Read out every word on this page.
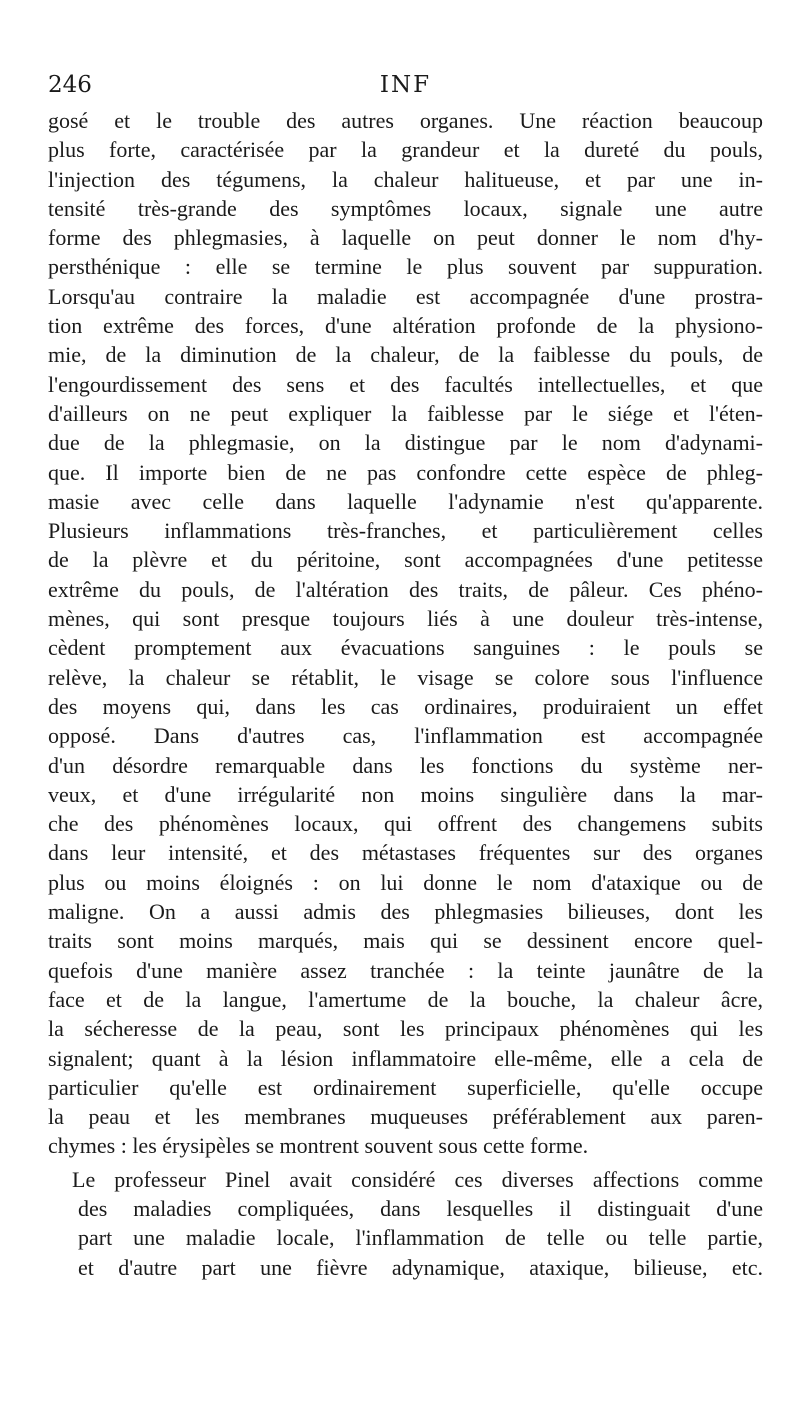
246	INF
gosé et le trouble des autres organes. Une réaction beaucoup
plus forte, caractérisée par la grandeur et la dureté du pouls,
l'injection des tégumens, la chaleur halitueuse, et par une in-
tensité très-grande des symptômes locaux, signale une autre
forme des phlegmasies, à laquelle on peut donner le nom d'hy-
persthénique : elle se termine le plus souvent par suppuration.
Lorsqu'au contraire la maladie est accompagnée d'une prostra-
tion extrême des forces, d'une altération profonde de la physiono-
mie, de la diminution de la chaleur, de la faiblesse du pouls, de
l'engourdissement des sens et des facultés intellectuelles, et que
d'ailleurs on ne peut expliquer la faiblesse par le siége et l'éten-
due de la phlegmasie, on la distingue par le nom d'adynami-
que. Il importe bien de ne pas confondre cette espèce de phleg-
masie avec celle dans laquelle l'adynamie n'est qu'apparente.
Plusieurs inflammations très-franches, et particulièrement celles
de la plèvre et du péritoine, sont accompagnées d'une petitesse
extrême du pouls, de l'altération des traits, de pâleur. Ces phéno-
mènes, qui sont presque toujours liés à une douleur très-intense,
cèdent promptement aux évacuations sanguines : le pouls se
relève, la chaleur se rétablit, le visage se colore sous l'influence
des moyens qui, dans les cas ordinaires, produiraient un effet
opposé. Dans d'autres cas, l'inflammation est accompagnée
d'un désordre remarquable dans les fonctions du système ner-
veux, et d'une irrégularité non moins singulière dans la mar-
che des phénomènes locaux, qui offrent des changemens subits
dans leur intensité, et des métastases fréquentes sur des organes
plus ou moins éloignés : on lui donne le nom d'ataxique ou de
maligne. On a aussi admis des phlegmasies bilieuses, dont les
traits sont moins marqués, mais qui se dessinent encore quel-
quefois d'une manière assez tranchée : la teinte jaunâtre de la
face et de la langue, l'amertume de la bouche, la chaleur âcre,
la sécheresse de la peau, sont les principaux phénomènes qui les
signalent; quant à la lésion inflammatoire elle-même, elle a cela de
particulier qu'elle est ordinairement superficielle, qu'elle occupe
la peau et les membranes muqueuses préférablement aux paren-
chymes : les érysipèles se montrent souvent sous cette forme.
Le professeur Pinel avait considéré ces diverses affections comme
des maladies compliquées, dans lesquelles il distinguait d'une
part une maladie locale, l'inflammation de telle ou telle partie,
et d'autre part une fièvre adynamique, ataxique, bilieuse, etc.
